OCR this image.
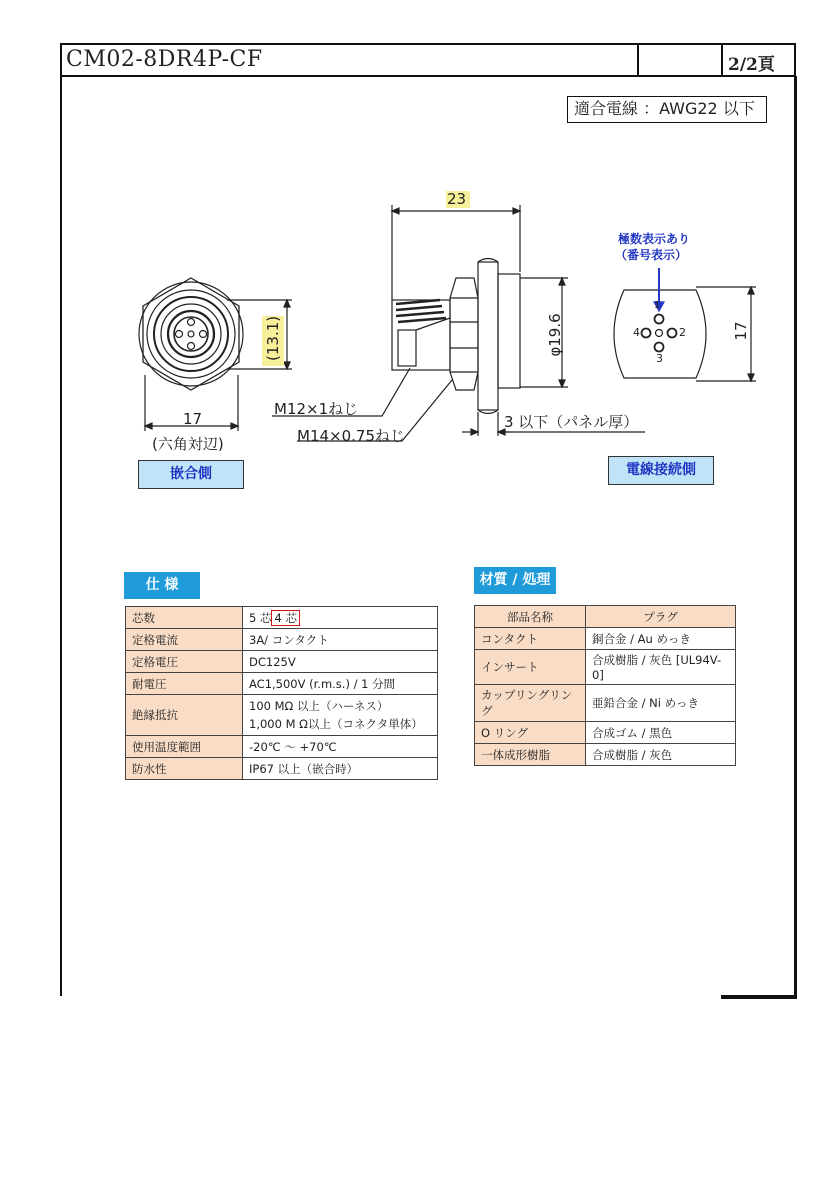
CM02-8DR4P-CF	2/2頁
適合電線 ：AWG22 以下
23
(13.1)	φ19.6	17
17
(六角対辺)
M12×1ねじ
M14×0.75ねじ
3 以下（パネル厚）
極数表示あり
（番号表示）
1
2
3
4
嵌合側	電線接続側
仕 様
芯数	5 芯 4 芯
定格電流	3A/ コンタクト
定格電圧	DC125V
耐電圧	AC1,500V (r.m.s.) / 1 分間
絶縁抵抗	100 MΩ 以上（ハーネス）
1,000 M Ω以上（コネクタ単体）

使用温度範囲	-20℃ ～ +70℃
防水性	IP67 以上（嵌合時）
材質 / 処理
部品名称	プラグ
コンタクト	銅合金 / Au めっき
インサート	合成樹脂 / 灰色 [UL94V-0]
カップリングリング	亜鉛合金 / Ni めっき
O リング	合成ゴム / 黒色
一体成形樹脂	合成樹脂 / 灰色
